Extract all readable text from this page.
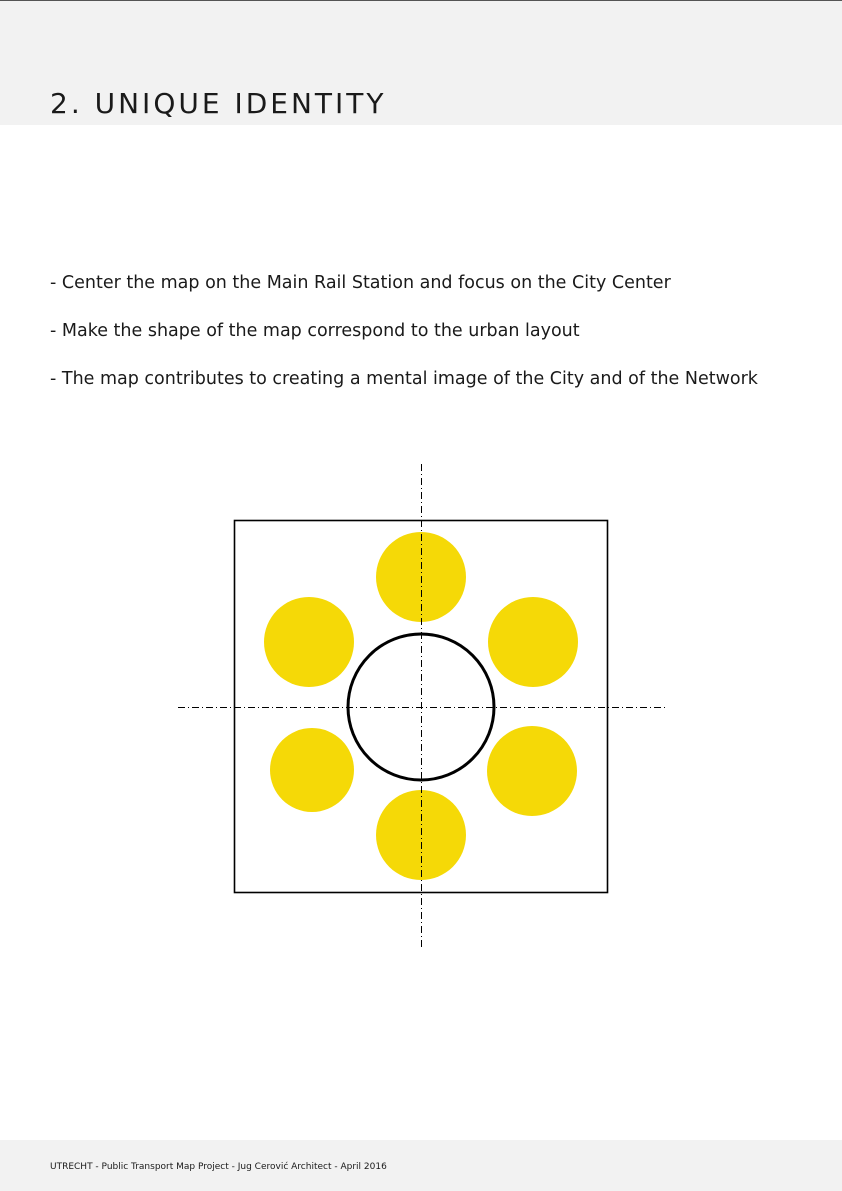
2. UNIQUE IDENTITY
- Center the map on the Main Rail Station and focus on the City Center
- Make the shape of the map correspond to the urban layout
- The map contributes to creating a mental image of the City and of the Network
UTRECHT - Public Transport Map Project - Jug Cerović Architect - April 2016
